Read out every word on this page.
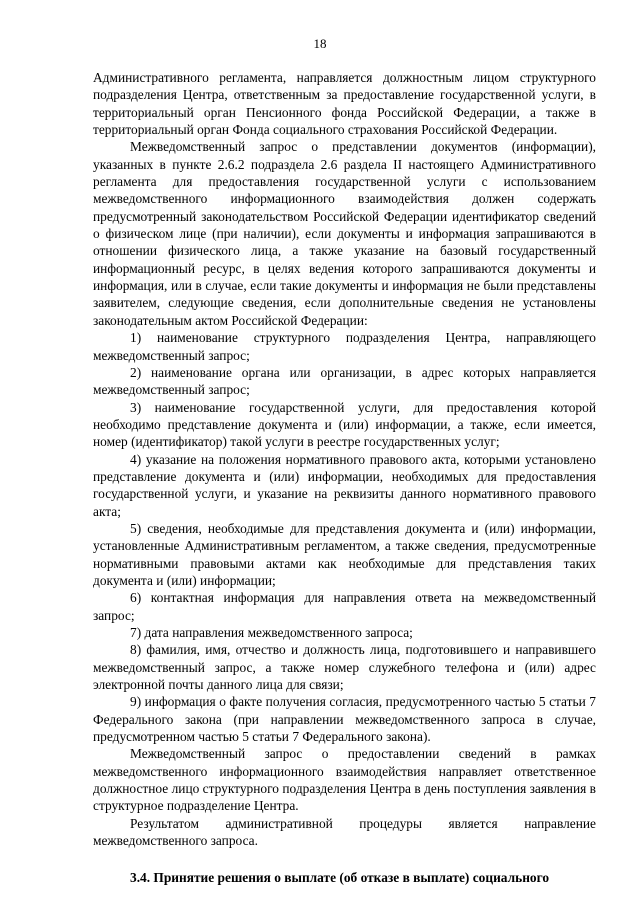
18

Административного регламента, направляется должностным лицом структурного подразделения Центра, ответственным за предоставление государственной услуги, в территориальный орган Пенсионного фонда Российской Федерации, а также в территориальный орган Фонда социального страхования Российской Федерации.

Межведомственный запрос о представлении документов (информации), указанных в пункте 2.6.2 подраздела 2.6 раздела II настоящего Административного регламента для предоставления государственной услуги с использованием межведомственного информационного взаимодействия должен содержать предусмотренный законодательством Российской Федерации идентификатор сведений о физическом лице (при наличии), если документы и информация запрашиваются в отношении физического лица, а также указание на базовый государственный информационный ресурс, в целях ведения которого запрашиваются документы и информация, или в случае, если такие документы и информация не были представлены заявителем, следующие сведения, если дополнительные сведения не установлены законодательным актом Российской Федерации:

1) наименование структурного подразделения Центра, направляющего межведомственный запрос;

2) наименование органа или организации, в адрес которых направляется межведомственный запрос;

3) наименование государственной услуги, для предоставления которой необходимо представление документа и (или) информации, а также, если имеется, номер (идентификатор) такой услуги в реестре государственных услуг;

4) указание на положения нормативного правового акта, которыми установлено представление документа и (или) информации, необходимых для предоставления государственной услуги, и указание на реквизиты данного нормативного правового акта;

5) сведения, необходимые для представления документа и (или) информации, установленные Административным регламентом, а также сведения, предусмотренные нормативными правовыми актами как необходимые для представления таких документа и (или) информации;

6) контактная информация для направления ответа на межведомственный запрос;

7) дата направления межведомственного запроса;

8) фамилия, имя, отчество и должность лица, подготовившего и направившего межведомственный запрос, а также номер служебного телефона и (или) адрес электронной почты данного лица для связи;

9) информация о факте получения согласия, предусмотренного частью 5 статьи 7 Федерального закона (при направлении межведомственного запроса в случае, предусмотренном частью 5 статьи 7 Федерального закона).

Межведомственный запрос о предоставлении сведений в рамках межведомственного информационного взаимодействия направляет ответственное должностное лицо структурного подразделения Центра в день поступления заявления в структурное подразделение Центра.

Результатом административной процедуры является направление межведомственного запроса.

3.4. Принятие решения о выплате (об отказе в выплате) социального
